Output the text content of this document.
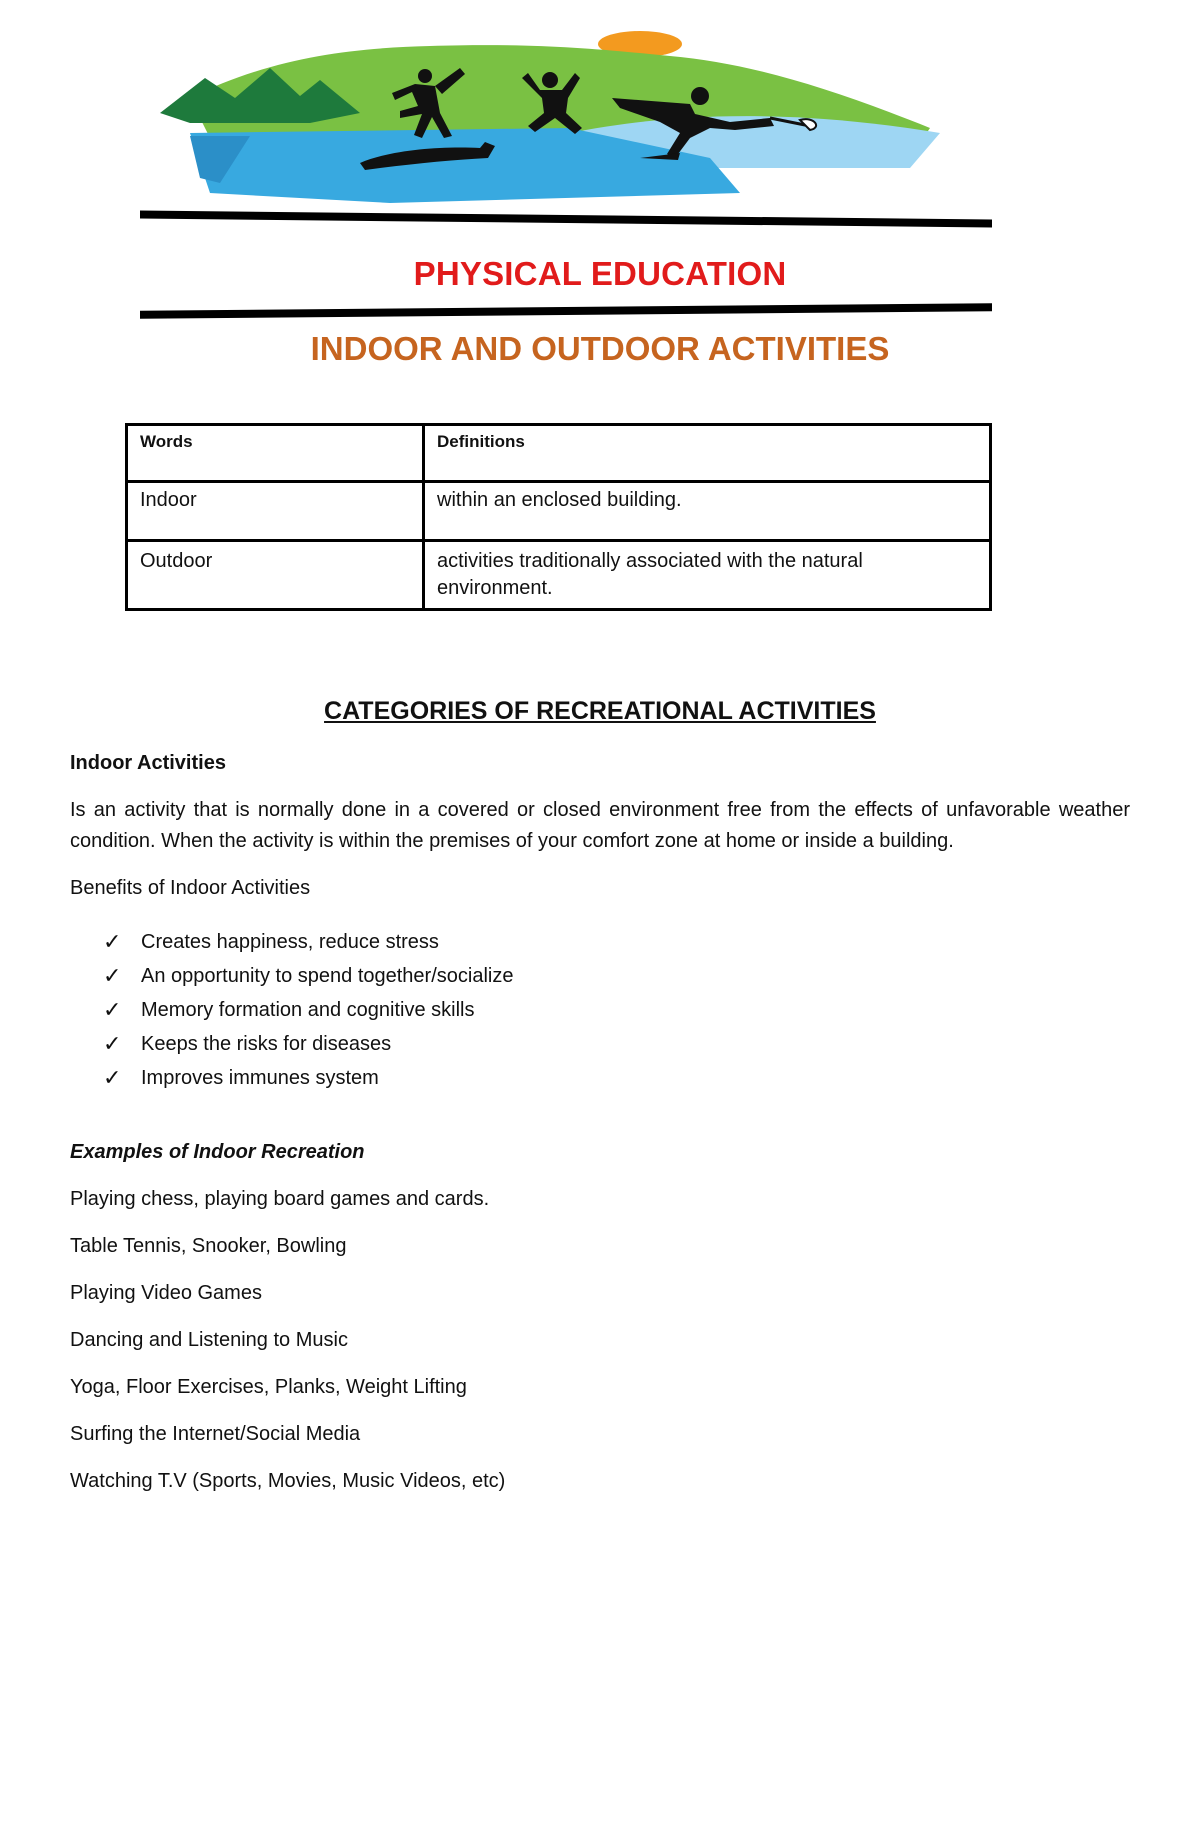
PHYSICAL EDUCATION
INDOOR AND OUTDOOR ACTIVITIES
Words	Definitions
Indoor	within an enclosed building.
Outdoor	activities traditionally associated with the natural environment.
CATEGORIES OF RECREATIONAL ACTIVITIES
Indoor Activities
Is an activity that is normally done in a covered or closed environment free from the effects of unfavorable weather condition. When the activity is within the premises of your comfort zone at home or inside a building.
Benefits of Indoor Activities
✓ Creates happiness, reduce stress
✓ An opportunity to spend together/socialize
✓ Memory formation and cognitive skills
✓ Keeps the risks for diseases
✓ Improves immunes system
Examples of Indoor Recreation
Playing chess, playing board games and cards.
Table Tennis, Snooker, Bowling
Playing Video Games
Dancing and Listening to Music
Yoga, Floor Exercises, Planks, Weight Lifting
Surfing the Internet/Social Media
Watching T.V (Sports, Movies, Music Videos, etc)
